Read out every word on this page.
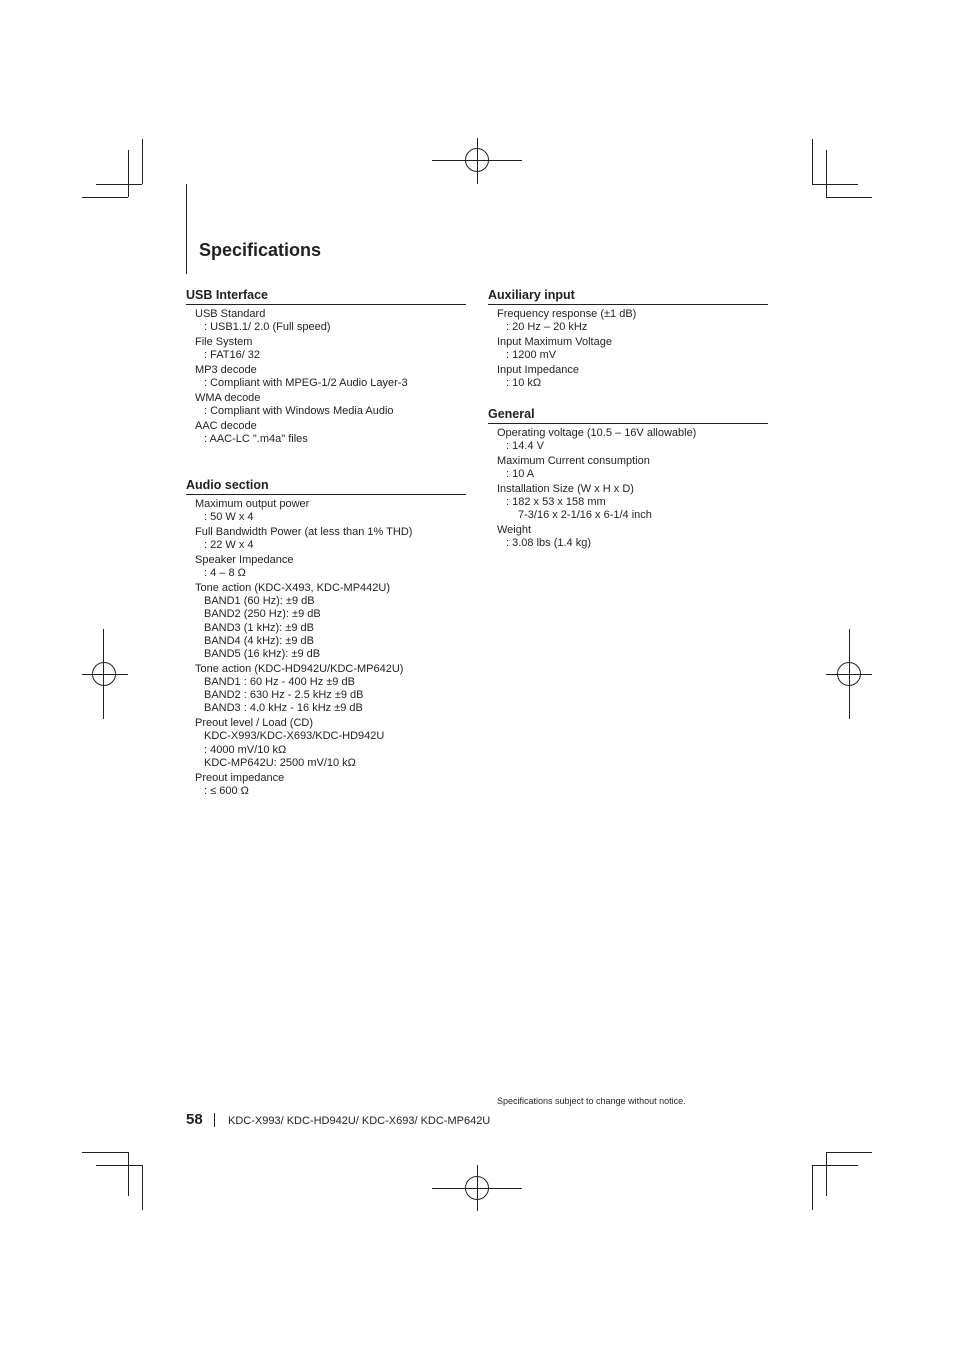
Specifications
USB Interface
USB Standard
: USB1.1/ 2.0 (Full speed)
File System
: FAT16/ 32
MP3 decode
: Compliant with MPEG-1/2 Audio Layer-3
WMA decode
: Compliant with Windows Media Audio
AAC decode
: AAC-LC ".m4a" files
Audio section
Maximum output power
: 50 W x 4
Full Bandwidth Power (at less than 1% THD)
: 22 W x 4
Speaker Impedance
: 4 – 8 Ω
Tone action (KDC-X493, KDC-MP442U)
BAND1 (60 Hz): ±9 dB
BAND2 (250 Hz): ±9 dB
BAND3 (1 kHz): ±9 dB
BAND4 (4 kHz): ±9 dB
BAND5 (16 kHz): ±9 dB
Tone action (KDC-HD942U/KDC-MP642U)
BAND1 : 60 Hz - 400 Hz ±9 dB
BAND2 : 630 Hz - 2.5 kHz ±9 dB
BAND3 : 4.0 kHz - 16 kHz ±9 dB
Preout level / Load (CD)
KDC-X993/KDC-X693/KDC-HD942U
: 4000 mV/10 kΩ
KDC-MP642U: 2500 mV/10 kΩ
Preout impedance
: ≤ 600 Ω
Auxiliary input
Frequency response (±1 dB)
: 20 Hz – 20 kHz
Input Maximum Voltage
: 1200 mV
Input Impedance
: 10 kΩ
General
Operating voltage (10.5 – 16V allowable)
: 14.4 V
Maximum Current consumption
: 10 A
Installation Size (W x H x D)
: 182 x 53 x 158 mm
7-3/16 x 2-1/16 x 6-1/4 inch
Weight
: 3.08 lbs (1.4 kg)
Specifications subject to change without notice.
58 KDC-X993/ KDC-HD942U/ KDC-X693/ KDC-MP642U
